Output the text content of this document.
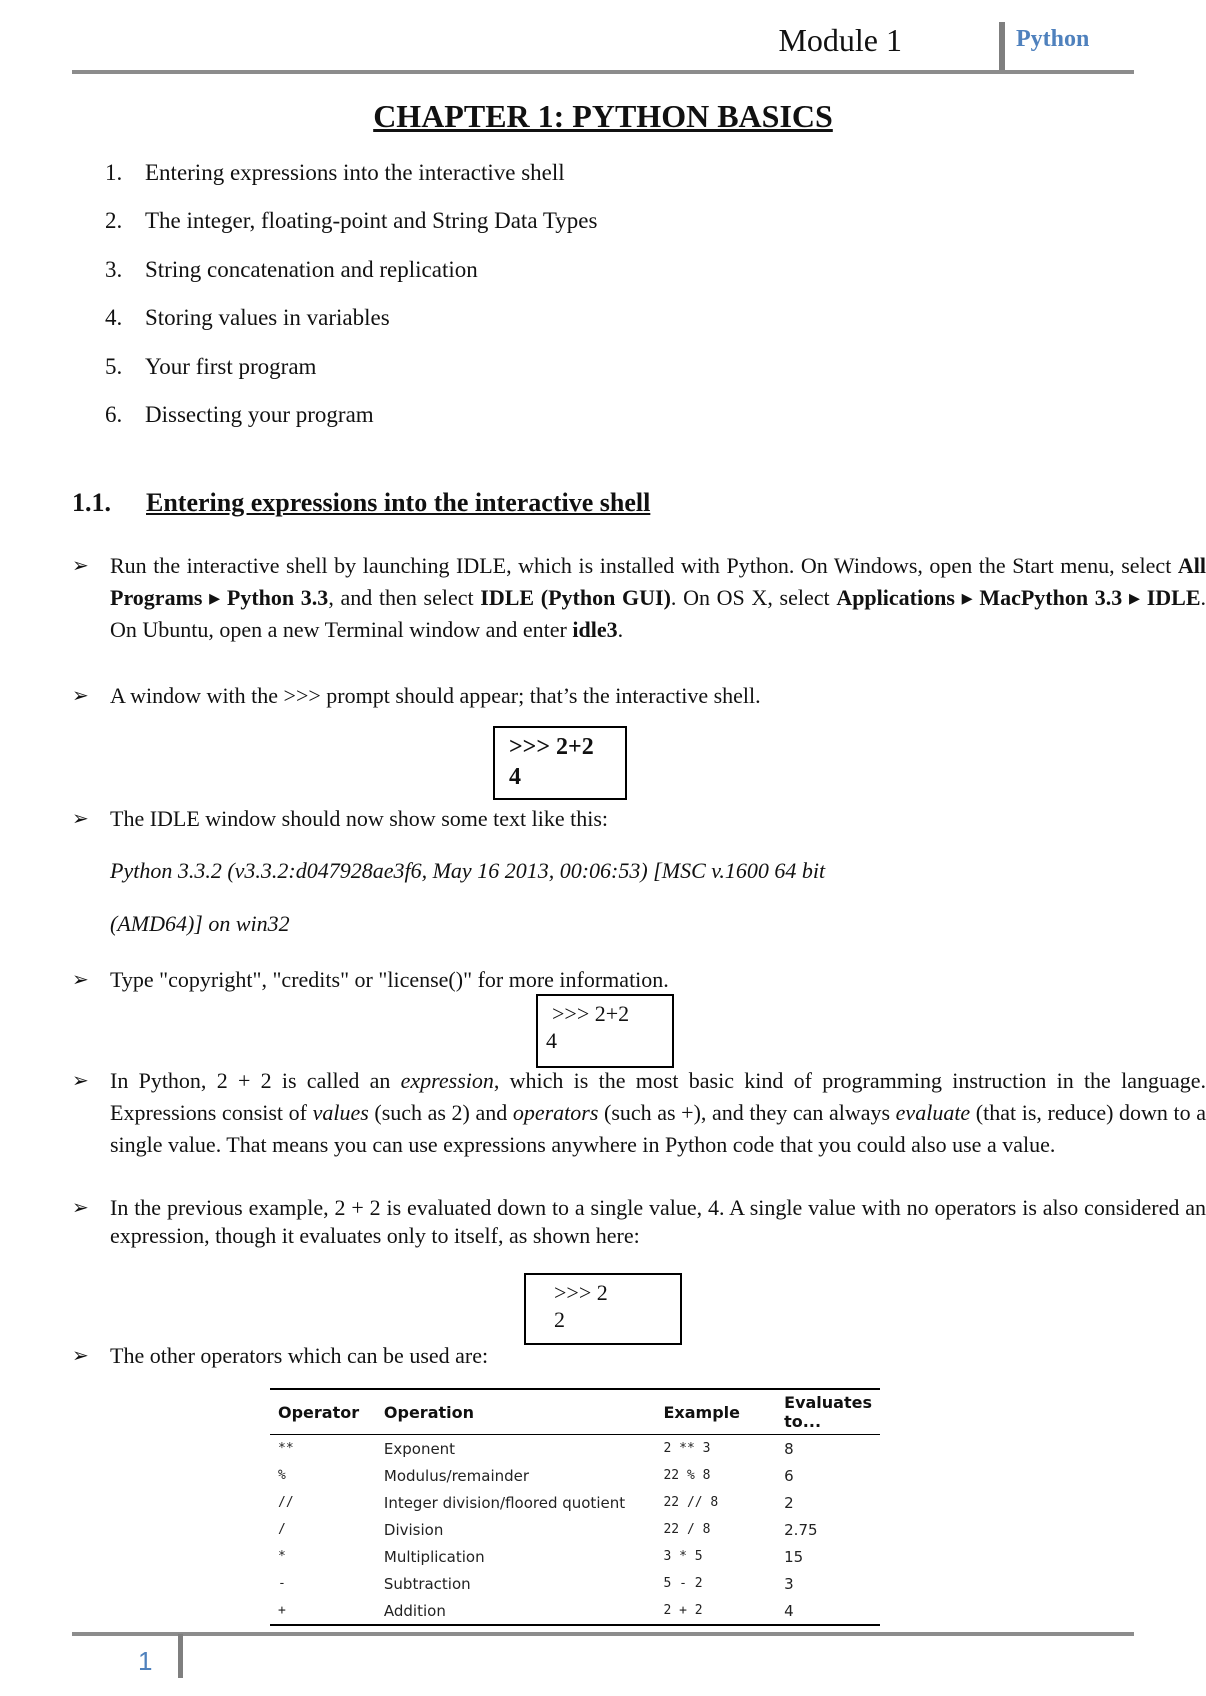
Module 1	Python
CHAPTER 1: PYTHON BASICS
1. Entering expressions into the interactive shell
2. The integer, floating-point and String Data Types
3. String concatenation and replication
4. Storing values in variables
5. Your first program
6. Dissecting your program
1.1. Entering expressions into the interactive shell
➢ Run the interactive shell by launching IDLE, which is installed with Python. On Windows, open the Start menu, select All Programs ▸ Python 3.3, and then select IDLE (Python GUI). On OS X, select Applications ▸ MacPython 3.3 ▸ IDLE. On Ubuntu, open a new Terminal window and enter idle3.
➢ A window with the >>> prompt should appear; that’s the interactive shell.
>>> 2+2
4
➢ The IDLE window should now show some text like this:
Python 3.3.2 (v3.3.2:d047928ae3f6, May 16 2013, 00:06:53) [MSC v.1600 64 bit
(AMD64)] on win32
➢ Type "copyright", "credits" or "license()" for more information.
>>> 2+2
4
➢ In Python, 2 + 2 is called an expression, which is the most basic kind of programming instruction in the language. Expressions consist of values (such as 2) and operators (such as +), and they can always evaluate (that is, reduce) down to a single value. That means you can use expressions anywhere in Python code that you could also use a value.
➢ In the previous example, 2 + 2 is evaluated down to a single value, 4. A single value with no operators is also considered an expression, though it evaluates only to itself, as shown here:
>>> 2
2
➢ The other operators which can be used are:
Operator	Operation	Example	Evaluates to...
**	Exponent	2 ** 3	8
%	Modulus/remainder	22 % 8	6
//	Integer division/floored quotient	22 // 8	2
/	Division	22 / 8	2.75
*	Multiplication	3 * 5	15
-	Subtraction	5 - 2	3
+	Addition	2 + 2	4
1
